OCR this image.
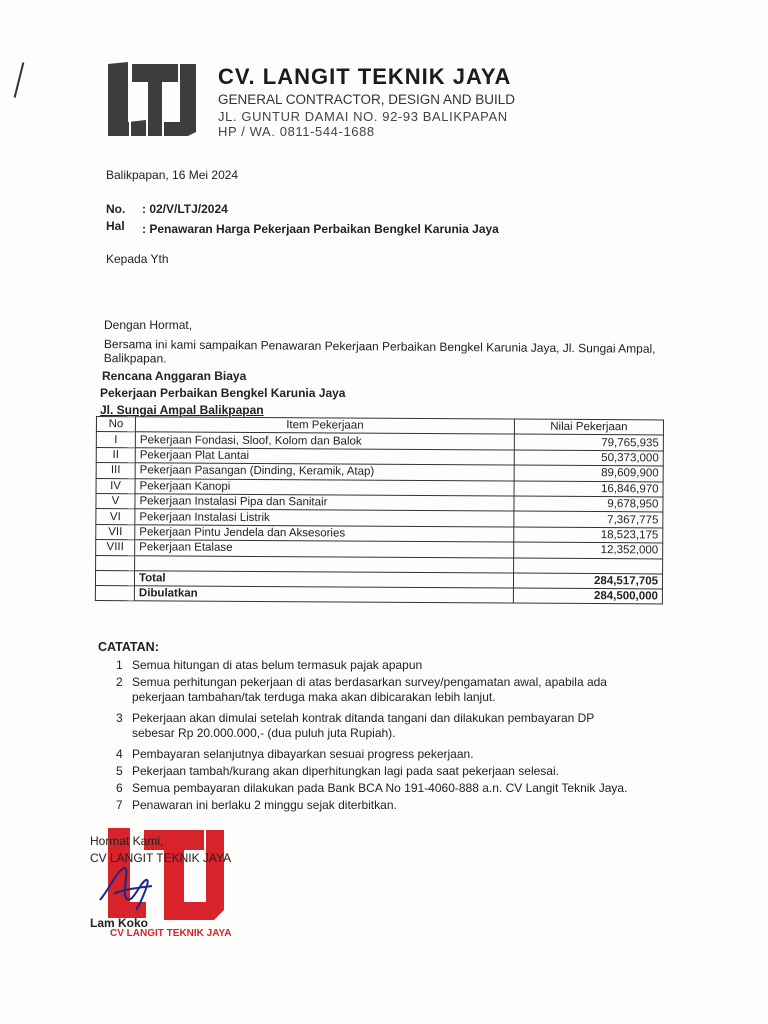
CV. LANGIT TEKNIK JAYA
GENERAL CONTRACTOR, DESIGN AND BUILD
JL. GUNTUR DAMAI NO. 92-93 BALIKPAPAN
HP / WA. 0811-544-1688
Balikpapan, 16 Mei 2024
No. : 02/V/LTJ/2024
Hal : Penawaran Harga Pekerjaan Perbaikan Bengkel Karunia Jaya
Kepada Yth
Dengan Hormat,
Bersama ini kami sampaikan Penawaran Pekerjaan Perbaikan Bengkel Karunia Jaya, Jl. Sungai Ampal, Balikpapan.
Rencana Anggaran Biaya
Pekerjaan Perbaikan Bengkel Karunia Jaya
Jl. Sungai Ampal Balikpapan
No	Item Pekerjaan	Nilai Pekerjaan
I	Pekerjaan Fondasi, Sloof, Kolom dan Balok	79,765,935
II	Pekerjaan Plat Lantai	50,373,000
III	Pekerjaan Pasangan (Dinding, Keramik, Atap)	89,609,900
IV	Pekerjaan Kanopi	16,846,970
V	Pekerjaan Instalasi Pipa dan Sanitair	9,678,950
VI	Pekerjaan Instalasi Listrik	7,367,775
VII	Pekerjaan Pintu Jendela dan Aksesories	18,523,175
VIII	Pekerjaan Etalase	12,352,000

	Total	284,517,705
	Dibulatkan	284,500,000
CATATAN:
1 Semua hitungan di atas belum termasuk pajak apapun
2 Semua perhitungan pekerjaan di atas berdasarkan survey/pengamatan awal, apabila ada pekerjaan tambahan/tak terduga maka akan dibicarakan lebih lanjut.
3 Pekerjaan akan dimulai setelah kontrak ditanda tangani dan dilakukan pembayaran DP sebesar Rp 20.000.000,- (dua puluh juta Rupiah).
4 Pembayaran selanjutnya dibayarkan sesuai progress pekerjaan.
5 Pekerjaan tambah/kurang akan diperhitungkan lagi pada saat pekerjaan selesai.
6 Semua pembayaran dilakukan pada Bank BCA No 191-4060-888 a.n. CV Langit Teknik Jaya.
7 Penawaran ini berlaku 2 minggu sejak diterbitkan.
Hormat Kami,
CV LANGIT TEKNIK JAYA
Lam Koko
CV LANGIT TEKNIK JAYA
